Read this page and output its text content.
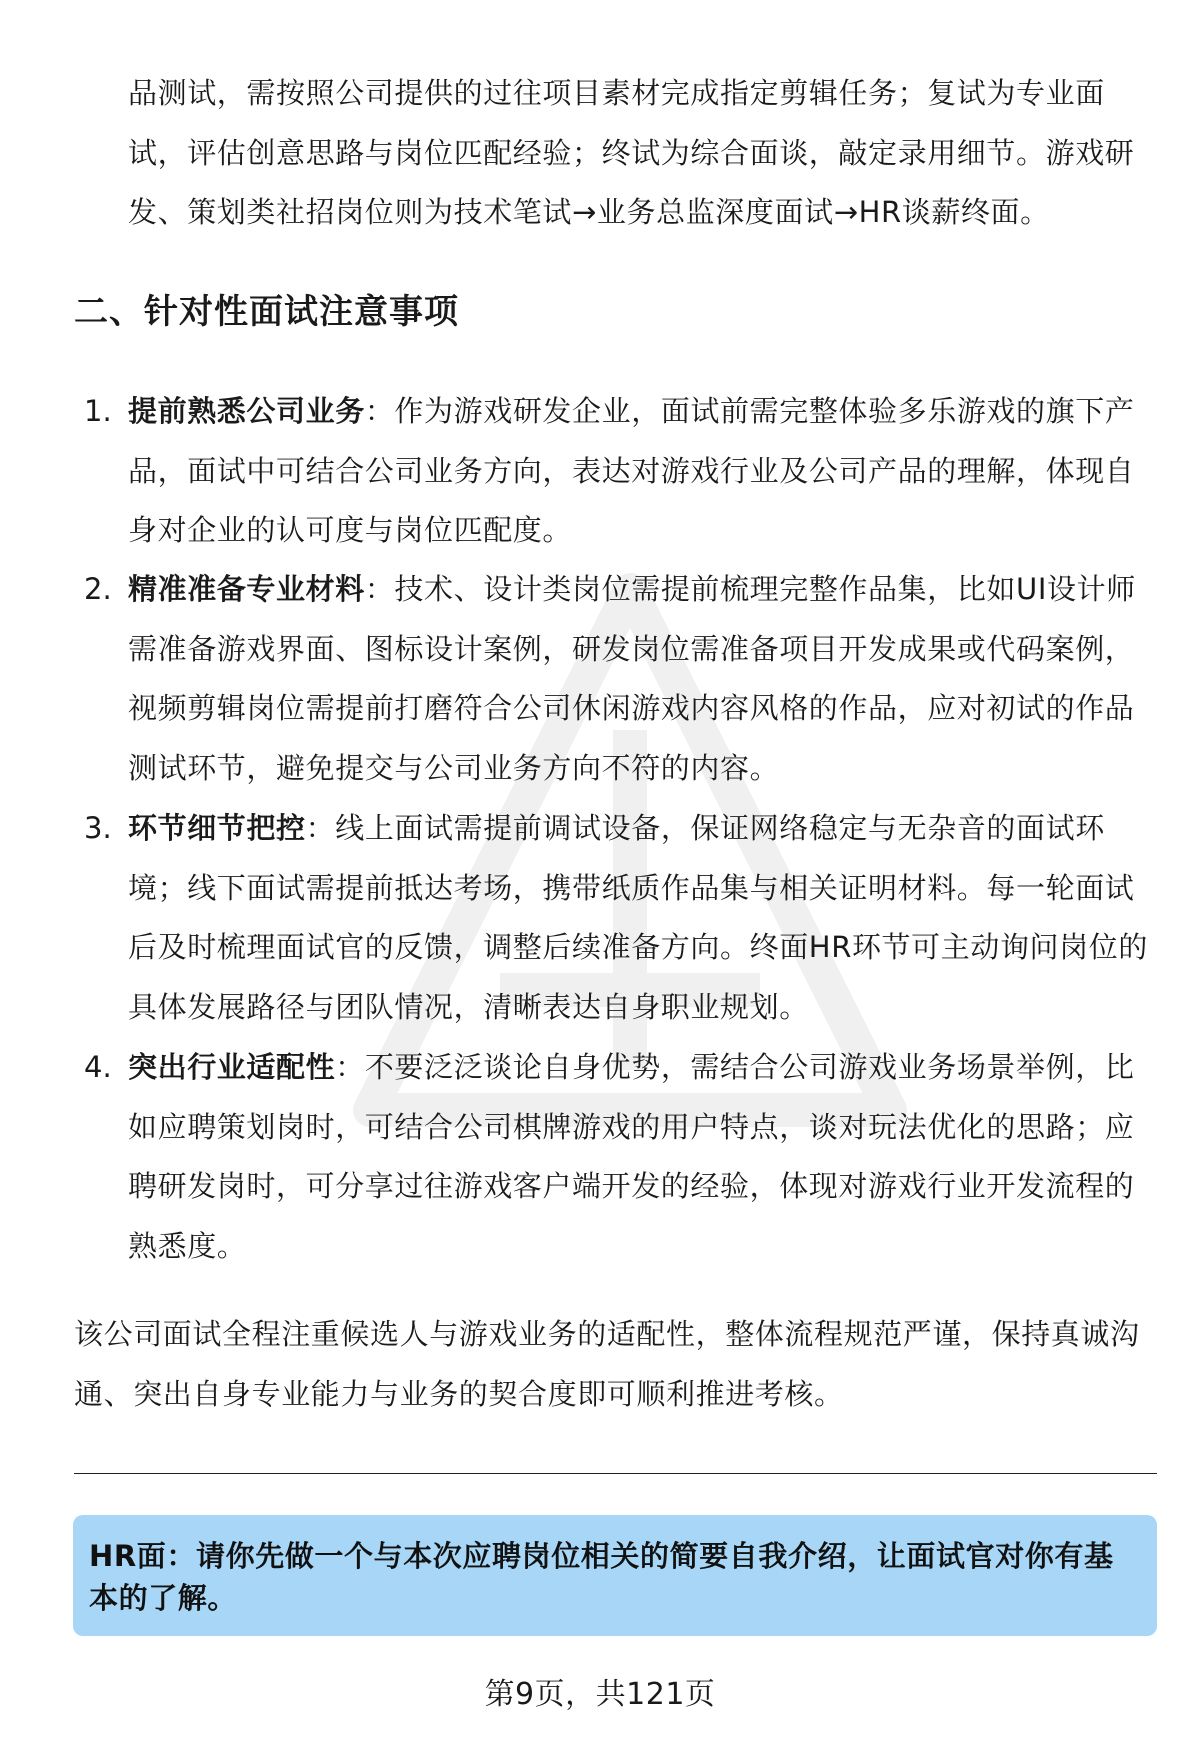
品测试，需按照公司提供的过往项目素材完成指定剪辑任务；复试为专业面试，评估创意思路与岗位匹配经验；终试为综合面谈，敲定录用细节。游戏研发、策划类社招岗位则为技术笔试→业务总监深度面试→HR谈薪终面。

二、针对性面试注意事项
1. 提前熟悉公司业务：作为游戏研发企业，面试前需完整体验多乐游戏的旗下产品，面试中可结合公司业务方向，表达对游戏行业及公司产品的理解，体现自身对企业的认可度与岗位匹配度。

2. 精准准备专业材料：技术、设计类岗位需提前梳理完整作品集，比如UI设计师需准备游戏界面、图标设计案例，研发岗位需准备项目开发成果或代码案例，视频剪辑岗位需提前打磨符合公司休闲游戏内容风格的作品，应对初试的作品测试环节，避免提交与公司业务方向不符的内容。

3. 环节细节把控：线上面试需提前调试设备，保证网络稳定与无杂音的面试环境；线下面试需提前抵达考场，携带纸质作品集与相关证明材料。每一轮面试后及时梳理面试官的反馈，调整后续准备方向。终面HR环节可主动询问岗位的具体发展路径与团队情况，清晰表达自身职业规划。

4. 突出行业适配性：不要泛泛谈论自身优势，需结合公司游戏业务场景举例，比如应聘策划岗时，可结合公司棋牌游戏的用户特点，谈对玩法优化的思路；应聘研发岗时，可分享过往游戏客户端开发的经验，体现对游戏行业开发流程的熟悉度。

该公司面试全程注重候选人与游戏业务的适配性，整体流程规范严谨，保持真诚沟通、突出自身专业能力与业务的契合度即可顺利推进考核。

HR面：请你先做一个与本次应聘岗位相关的简要自我介绍，让面试官对你有基本的了解。

第9页，共121页
